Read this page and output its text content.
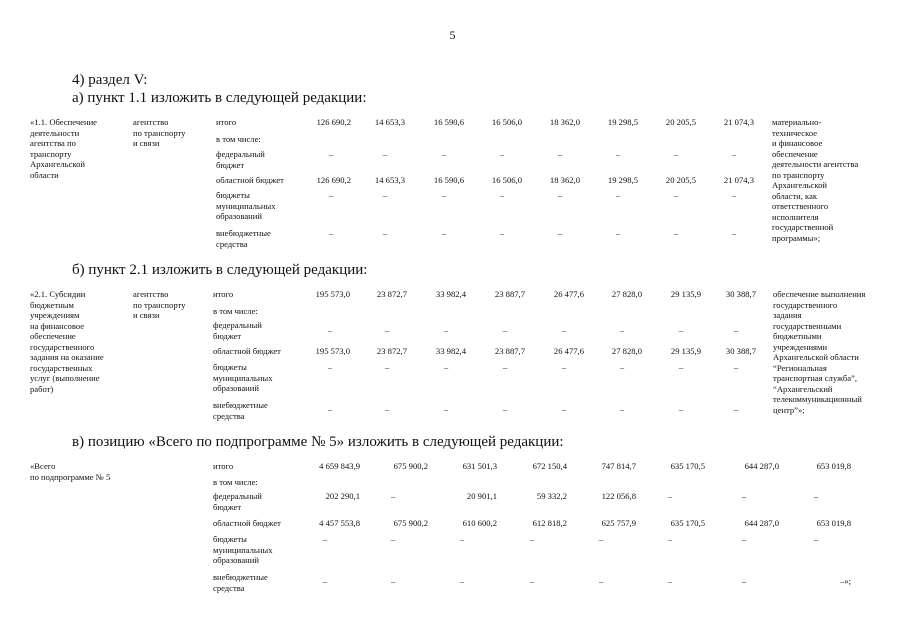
5
4) раздел V:
а) пункт 1.1 изложить в следующей редакции:
б) пункт 2.1 изложить в следующей редакции:
в) позицию «Всего по подпрограмме № 5» изложить в следующей редакции:
«1.1. Обеспечение
деятельности
агентства по
транспорту
Архангельской
области
агентство
по транспорту
и связи
материально-
техническое
и финансовое
обеспечение
деятельности агентства
по транспорту
Архангельской
области, как
ответственного
исполнителя
государственной
программы»;
итого	126 690,2	14 653,3	16 590,6	16 506,0	18 362,0	19 298,5	20 205,5	21 074,3
в том числе:
федеральный
бюджет
–	–	–	–	–	–	–	–
областной бюджет	126 690,2	14 653,3	16 590,6	16 506,0	18 362,0	19 298,5	20 205,5	21 074,3
бюджеты
муниципальных
образований
–	–	–	–	–	–	–	–
внебюджетные
средства
–	–	–	–	–	–	–	–
«2.1. Субсидии
бюджетным
учреждениям
на финансовое
обеспечение
государственного
задания на оказание
государственных
услуг (выполнение
работ)
агентство
по транспорту
и связи
обеспечение выполнения
государственного
задания
государственными
бюджетными
учреждениями
Архангельской области
“Региональная
транспортная служба”,
“Архангельский
телекоммуникационный
центр”»;
итого	195 573,0	23 872,7	33 982,4	23 887,7	26 477,6	27 828,0	29 135,9	30 388,7
в том числе:
федеральный
бюджет
–	–	–	–	–	–	–	–
областной бюджет	195 573,0	23 872,7	33 982,4	23 887,7	26 477,6	27 828,0	29 135,9	30 388,7
бюджеты
муниципальных
образований
–	–	–	–	–	–	–	–
внебюджетные
средства
–	–	–	–	–	–	–	–
«Всего
по подпрограмме № 5
итого	4 659 843,9	675 900,2	631 501,3	672 150,4	747 814,7	635 170,5	644 287,0	653 019,8
в том числе:
федеральный
бюджет
202 290,1	–	20 901,1	59 332,2	122 056,8	–	–	–
областной бюджет	4 457 553,8	675 900,2	610 600,2	612 818,2	625 757,9	635 170,5	644 287,0	653 019,8
бюджеты
муниципальных
образований
–	–	–	–	–	–	–	–
внебюджетные
средства
–	–	–	–	–	–	–	–»;
